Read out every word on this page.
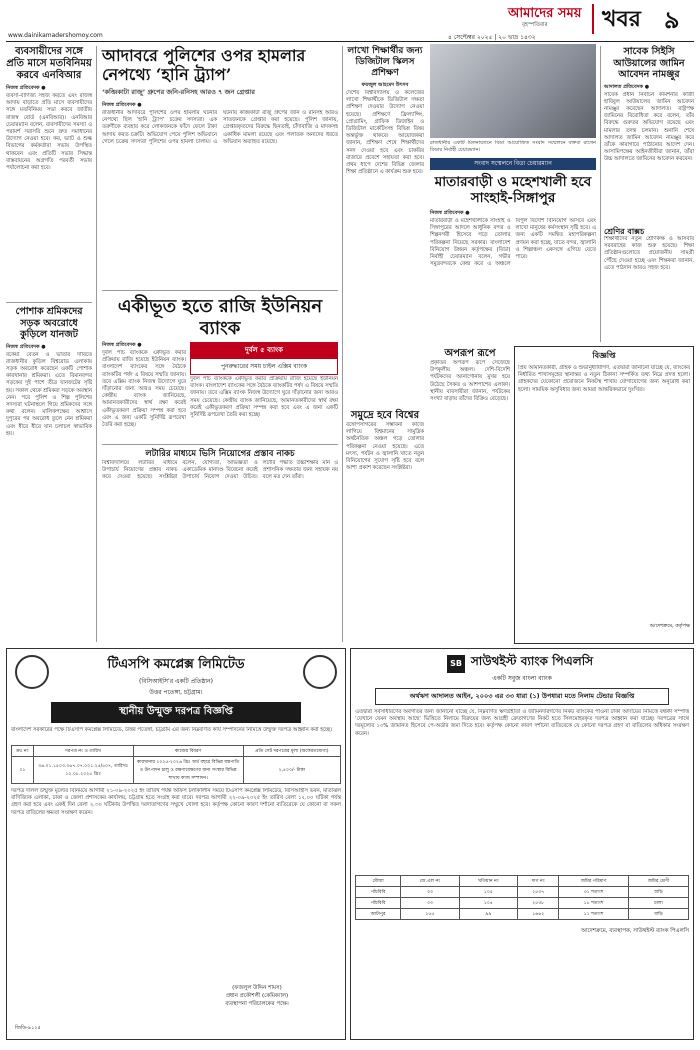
আমাদের সময় খবর ৯
বৃহস্পতিবার
www.dainikamadershomoy.com	৪ সেপ্টেম্বর ২০২৫ | ২০ ভাদ্র ১৪৩২
ব্যবসায়ীদের সঙ্গে প্রতি মাসে মতবিনিময় করবে এনবিআর
নিজস্ব প্রতিবেদক ●
ব্যবসা-বাণিজ্য সহজ করতে এবং রাজস্ব আদায় বাড়াতে প্রতি মাসে ব্যবসায়ীদের সঙ্গে মতবিনিময় সভা করবে জাতীয় রাজস্ব বোর্ড (এনবিআর)। এনবিআর চেয়ারম্যান বলেন, ব্যবসায়ীদের সমস্যা ও পরামর্শ সরাসরি শুনে দ্রুত সমাধানের উদ্যোগ নেওয়া হবে। কর, ভ্যাট ও শুল্ক বিভাগের কর্মকর্তারা সভায় উপস্থিত থাকবেন এবং প্রতিটি সভার সিদ্ধান্ত বাস্তবায়নের অগ্রগতি পরবর্তী সভায় পর্যালোচনা করা হবে।
পোশাক শ্রমিকদের সড়ক অবরোধে কুড়িলে যানজট
নিজস্ব প্রতিবেদক ●
বকেয়া বেতন ও ভাতার দাবিতে রাজধানীর কুড়িল বিশ্বরোড এলাকায় সড়ক অবরোধ করেছেন একটি পোশাক কারখানার শ্রমিকরা। এতে বিমানবন্দর সড়কের দুই পাশে তীব্র যানজটের সৃষ্টি হয়। সকাল থেকে শ্রমিকরা সড়কে অবস্থান নেন। পরে পুলিশ ও শিল্প পুলিশের সদস্যরা ঘটনাস্থলে গিয়ে শ্রমিকদের সঙ্গে কথা বলেন। মালিকপক্ষের আশ্বাসে দুপুরের পর অবরোধ তুলে নেন শ্রমিকরা এবং ধীরে ধীরে যান চলাচল স্বাভাবিক হয়।
আদাবরে পুলিশের ওপর হামলার নেপথ্যে ‘হানি ট্র্যাপ’
‘কব্জিকাটা রাজু’ গ্রুপের জনি-রনিসহ আরও ৭ জন গ্রেপ্তার
নিজস্ব প্রতিবেদক ●
রাজধানীর আদাবরে পুলিশের ওপর হামলার ঘটনার নেপথ্যে ছিল ‘হানি ট্র্যাপ’ চক্রের সদস্যরা। এক তরুণীকে ব্যবহার করে লোকজনকে ফাঁদে ফেলে টাকা আদায় করত চক্রটি। অভিযোগ পেয়ে পুলিশ অভিযানে গেলে চক্রের সদস্যরা পুলিশের ওপর হামলা চালায়। এ ঘটনায় কব্জিকাটা রাজু গ্রুপের জনি ও রনিসহ আরও সাতজনকে গ্রেপ্তার করা হয়েছে। পুলিশ জানায়, গ্রেপ্তারকৃতদের বিরুদ্ধে ছিনতাই, চাঁদাবাজি ও মাদকসহ একাধিক মামলা রয়েছে এবং পলাতক অন্যদের ধরতে অভিযান অব্যাহত রয়েছে।
লাখো শিক্ষার্থীর জন্য ডিজিটাল স্কিলস প্রশিক্ষণ
ফয়জুল আহমেদ উৎসব
দেশের বিশ্ববিদ্যালয় ও কলেজের লাখো শিক্ষার্থীকে ডিজিটাল দক্ষতা প্রশিক্ষণ দেওয়ার উদ্যোগ নেওয়া হয়েছে। প্রশিক্ষণে ফ্রিল্যান্সিং, প্রোগ্রামিং, গ্রাফিক ডিজাইন ও ডিজিটাল মার্কেটিংসহ বিভিন্ন বিষয় অন্তর্ভুক্ত থাকবে। আয়োজকরা জানান, প্রশিক্ষণ শেষে শিক্ষার্থীদের সনদ দেওয়া হবে এবং চাকরির বাজারে প্রবেশে সহায়তা করা হবে। প্রথম ধাপে দেশের বিভিন্ন জেলার শিক্ষা প্রতিষ্ঠানে এ কার্যক্রম শুরু হবে।
রাজধানীর একটি মিলনায়তনে বিডা আয়োজিত সংবাদ সম্মেলনে বক্তব্য রাখেন বিডার নির্বাহী চেয়ারম্যান।
সংবাদ সম্মেলনে বিডা চেয়ারম্যান
মাতারবাড়ী ও মহেশখালী হবে সাংহাই-সিঙ্গাপুর
নিজস্ব প্রতিবেদক ●
মাতারবাড়ী ও মহেশখালীকে সাংহাই ও সিঙ্গাপুরের আদলে আধুনিক বন্দর ও শিল্পনগরী হিসেবে গড়ে তোলার পরিকল্পনা নিয়েছে সরকার। বাংলাদেশ বিনিয়োগ উন্নয়ন কর্তৃপক্ষের (বিডা) নির্বাহী চেয়ারম্যান বলেন, গভীর সমুদ্রবন্দরকে কেন্দ্র করে এ অঞ্চলে বিপুল বিদেশি বিনিয়োগ আসবে এবং লাখো মানুষের কর্মসংস্থান সৃষ্টি হবে। এ জন্য একটি সমন্বিত মহাপরিকল্পনা প্রণয়ন করা হচ্ছে, যাতে বন্দর, জ্বালানি ও শিল্পাঞ্চল একসঙ্গে এগিয়ে যেতে পারে।
সাবেক সিইসি আউয়ালের জামিন আবেদন নামঞ্জুর
আদালত প্রতিবেদক ●
সাবেক প্রধান নির্বাচন কমিশনার কাজী হাবিবুল আউয়ালের জামিন আবেদন নামঞ্জুর করেছেন আদালত। রাষ্ট্রপক্ষ জামিনের বিরোধিতা করে বলেন, তাঁর বিরুদ্ধে গুরুতর অভিযোগ রয়েছে এবং মামলার তদন্ত চলমান। শুনানি শেষে আদালত জামিন আবেদন নামঞ্জুর করে তাঁকে কারাগারে পাঠানোর আদেশ দেন। আসামিপক্ষের আইনজীবীরা জানান, তাঁরা উচ্চ আদালতে জামিনের আবেদন করবেন।
শ্রেণির বাক্সচ
শিক্ষার্থীদের নতুন শ্রেণিকক্ষ ও আসবাব সরবরাহের কাজ শুরু হয়েছে। শিক্ষা প্রতিষ্ঠানগুলোতে প্রয়োজনীয় সামগ্রী পৌঁছে দেওয়া হচ্ছে এবং শিক্ষকরা জানান, এতে পাঠদান আরও সহজ হবে।
একীভূত হতে রাজি ইউনিয়ন ব্যাংক
দুর্বল ৫ ব্যাংক
পুনরুদ্ধারের সময় চাইল এক্সিম ব্যাংক
নিজস্ব প্রতিবেদক ●
দুর্বল পাঁচ ব্যাংককে একীভূত করার প্রক্রিয়ায় রাজি হয়েছে ইউনিয়ন ব্যাংক। বাংলাদেশ ব্যাংকের সঙ্গে বৈঠকে ব্যাংকটির পর্ষদ এ বিষয়ে সম্মতি জানায়। তবে এক্সিম ব্যাংক নিজস্ব উদ্যোগে ঘুরে দাঁড়ানোর জন্য আরও সময় চেয়েছে। কেন্দ্রীয় ব্যাংক জানিয়েছে, আমানতকারীদের স্বার্থ রক্ষা করেই একীভূতকরণ প্রক্রিয়া সম্পন্ন করা হবে এবং এ জন্য একটি সুনির্দিষ্ট রূপরেখা তৈরি করা হচ্ছে।
দুর্বল পাঁচ ব্যাংককে একীভূত করার প্রক্রিয়ায় রাজি হয়েছে ইউনিয়ন ব্যাংক। বাংলাদেশ ব্যাংকের সঙ্গে বৈঠকে ব্যাংকটির পর্ষদ এ বিষয়ে সম্মতি জানায়। তবে এক্সিম ব্যাংক নিজস্ব উদ্যোগে ঘুরে দাঁড়ানোর জন্য আরও সময় চেয়েছে। কেন্দ্রীয় ব্যাংক জানিয়েছে, আমানতকারীদের স্বার্থ রক্ষা করেই একীভূতকরণ প্রক্রিয়া সম্পন্ন করা হবে এবং এ জন্য একটি সুনির্দিষ্ট রূপরেখা তৈরি করা হচ্ছে।
লটারির মাধ্যমে ভিসি নিয়োগের প্রস্তাব নাকচ
বিশ্ববিদ্যালয়ে লটারির মাধ্যমে উপাচার্য নিয়োগের প্রস্তাব নাকচ করে দেওয়া হয়েছে। সংশ্লিষ্টরা বলেন, যোগ্যতা, অভিজ্ঞতা ও একাডেমিক মানদণ্ড বিবেচনা করেই উপাচার্য নিয়োগ দেওয়া উচিত। লটারি পদ্ধতি উচ্চশিক্ষার মান ও প্রশাসনিক দক্ষতার জন্য সহায়ক নয় বলে মত দেন তাঁরা।
সমুদ্রে হবে বিশ্বের
বঙ্গোপসাগরের সম্ভাবনা কাজে লাগিয়ে বিশ্বমানের সামুদ্রিক অর্থনৈতিক অঞ্চল গড়ে তোলার পরিকল্পনা নেওয়া হয়েছে। এতে মৎস্য, পর্যটন ও জ্বালানি খাতে নতুন বিনিয়োগের সুযোগ সৃষ্টি হবে বলে আশা প্রকাশ করেছেন সংশ্লিষ্টরা।
অপরূপ রূপে
প্রকৃতির অপরূপ রূপে সেজেছে উপকূলীয় অঞ্চল। দেশি-বিদেশি পর্যটকদের আনাগোনায় মুখর হয়ে উঠেছে সৈকত ও আশপাশের এলাকা। স্থানীয় ব্যবসায়ীরা জানান, পর্যটকের সংখ্যা বাড়ায় তাঁদের বিক্রিও বেড়েছে।
বিজ্ঞপ্তি
প্রিয় আমানতকারী, গ্রাহক ও শুভানুধ্যায়ীগণ, এতদ্বারা জানানো যাচ্ছে যে, ব্যাংকের নির্ধারিত শাখাসমূহের স্থানান্তর ও নতুন ঠিকানা সম্পর্কিত তথ্য নিম্নে প্রদত্ত হলো। গ্রাহকদের যেকোনো প্রয়োজনে নিকটস্থ শাখায় যোগাযোগের জন্য অনুরোধ করা হলো। সাময়িক অসুবিধার জন্য আমরা আন্তরিকভাবে দুঃখিত।
আদেশক্রমে, কর্তৃপক্ষ
টিএসপি কমপ্লেক্স লিমিটেড
(বিসিআইসি’র একটি প্রতিষ্ঠান)
উত্তর পতেঙ্গা, চট্টগ্রাম।
স্থানীয় উন্মুক্ত দরপত্র বিজ্ঞপ্তি
বাংলাদেশ সরকারের পক্ষে টিএসপি কমপ্লেক্স লিমিটেড, উত্তর পতেঙ্গা, চট্টগ্রাম এর জন্য নিম্নবর্ণিত কার্য সম্পাদনের নিমিত্তে উন্মুক্ত দরপত্র আহ্বান করা হচ্ছে।
ক্রঃ নং	দরপত্র নং ও তারিখ	কাজের বিবরণ	প্রতি সেট দরপত্রের মূল্য (অফেরতযোগ্য)
০১	৩৬.০১.১৫০৩.০৬৭.০৭.০০১.২৫/৫০৭, তারিখঃ ১২.০৮.২০২৫ খ্রিঃ	কারখানার ২০২৫-২০২৬ খ্রিঃ অর্থ বছরে বিভিন্ন যন্ত্রপাতি ও উৎপাদন চালু ও রক্ষণাবেক্ষণের জন্য সংস্থার বিভিন্ন শাখায় কাজ সম্পাদন।	২,৫০০/- টাকা
দরপত্র দলিল উন্মুক্ত মূল্যের বিনিময়ে আগামী ২১-০৯-২০২৫ ইং তারিখ পর্যন্ত অফিস চলাকালীন সময়ে টিএসপি কমপ্লেক্স লিমিটেড, বিসিআইসি ভবন, মতিঝিল বাণিজ্যিক এলাকা, ঢাকা ও জেলা প্রশাসকের কার্যালয়, চট্টগ্রাম হতে সংগ্রহ করা যাবে। দরপত্র আগামী ২২-০৯-২০২৫ ইং তারিখ বেলা ১২.০০ ঘটিকা পর্যন্ত গ্রহণ করা হবে এবং একই দিন বেলা ২.৩০ ঘটিকায় উপস্থিত দরদাতাগণের সম্মুখে খোলা হবে। কর্তৃপক্ষ কোনো কারণ দর্শানো ব্যতিরেকে যে কোনো বা সকল দরপত্র বাতিলের ক্ষমতা সংরক্ষণ করেন।
(ফজলুল উদ্দিন শামস)
প্রধান প্রকৌশলী (কেমিক্যাল)
ব্যবস্থাপনা পরিচালকের পক্ষে।
জিডি-৯১২৫
SB সাউথইস্ট ব্যাংক পিএলসি
একটি সবুজ বাংলা ব্যাংক
অর্থঋণ আদালত আইন, ২০০৩ এর ৩৩ ধারা (১) উপধারা মতে নিলাম টেন্ডার বিজ্ঞপ্তি
এতদ্বারা সর্বসাধারণের অবগতির জন্য জানানো যাচ্ছে যে, নিম্নবর্ণিত ঋণগ্রহীতা ও জামিনদারগণের নিকট ব্যাংকের পাওনা টাকা আদায়ের নিমিত্তে বন্ধকী সম্পত্তি ‘যেখানে যেমন অবস্থায় আছে’ ভিত্তিতে নিলামে বিক্রয়ের জন্য আগ্রহী ক্রেতাগণের নিকট হতে সিলমোহরকৃত দরপত্র আহ্বান করা যাচ্ছে। দরপত্রের সাথে দরমূল্যের ১০% জামানত হিসেবে পে-অর্ডার জমা দিতে হবে। কর্তৃপক্ষ কোনো কারণ দর্শানো ব্যতিরেকে যে কোনো দরপত্র গ্রহণ বা বাতিলের অধিকার সংরক্ষণ করেন।
মৌজা	জে.এল নং	খতিয়ান নং	দাগ নং	জমির পরিমাণ	জমির শ্রেণী
পাঁচবিবি	৩৩	১০৫	২৫৩৭	৩১ শতাংশ	বাড়ি
পাঁচবিবি	৩৩	১০৫	২৫৩৮	১৮ শতাংশ	চালা
আটাপুর	১৫৫	৯৯	১৬৬২	১১ শতাংশ	বাড়ি
আদেশক্রমে, ব্যবস্থাপক, সাউথইস্ট ব্যাংক পিএলসি
